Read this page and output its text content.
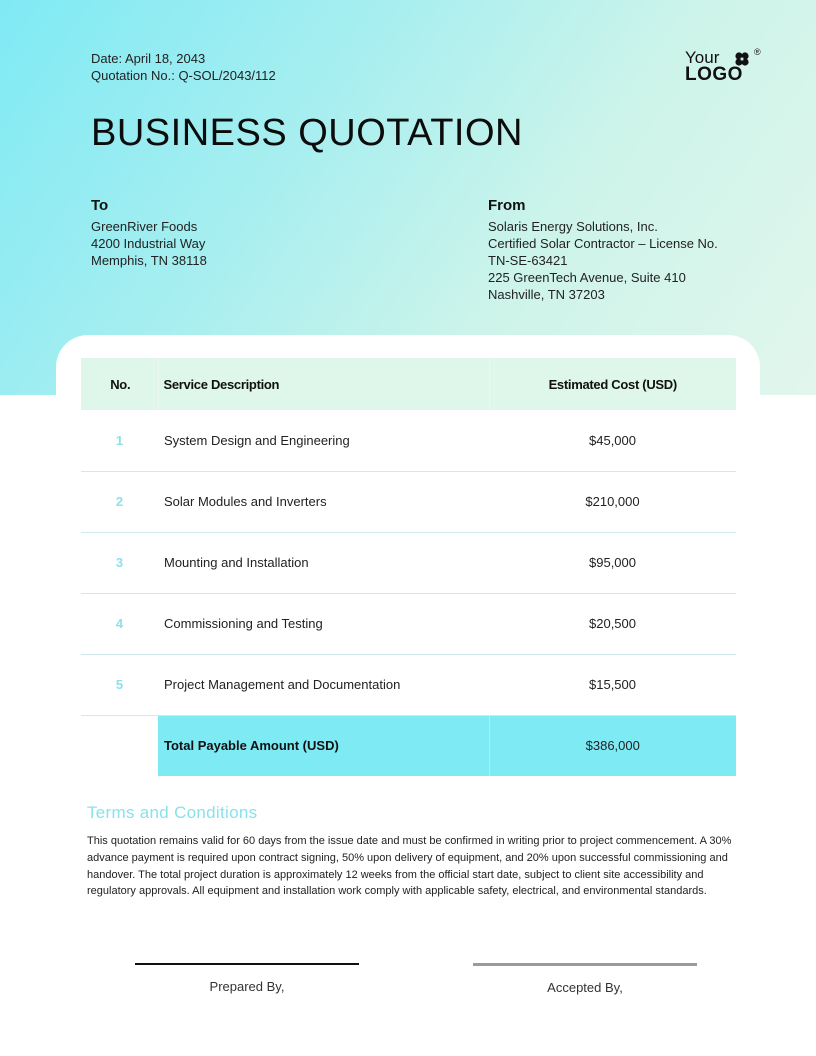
Date: April 18, 2043
Quotation No.: Q-SOL/2043/112
Your	®
LOGO
BUSINESS QUOTATION
To
GreenRiver Foods
4200 Industrial Way
Memphis, TN 38118
From
Solaris Energy Solutions, Inc.
Certified Solar Contractor – License No.
TN-SE-63421
225 GreenTech Avenue, Suite 410
Nashville, TN 37203
No.	Service Description	Estimated Cost (USD)
1	System Design and Engineering	$45,000
2	Solar Modules and Inverters	$210,000
3	Mounting and Installation	$95,000
4	Commissioning and Testing	$20,500
5	Project Management and Documentation	$15,500
	Total Payable Amount (USD)	$386,000
Terms and Conditions

This quotation remains valid for 60 days from the issue date and must be confirmed in writing prior to project commencement. A 30% advance payment is required upon contract signing, 50% upon delivery of equipment, and 20% upon successful commissioning and handover. The total project duration is approximately 12 weeks from the official start date, subject to client site accessibility and regulatory approvals. All equipment and installation work comply with applicable safety, electrical, and environmental standards.

Prepared By,	Accepted By,
